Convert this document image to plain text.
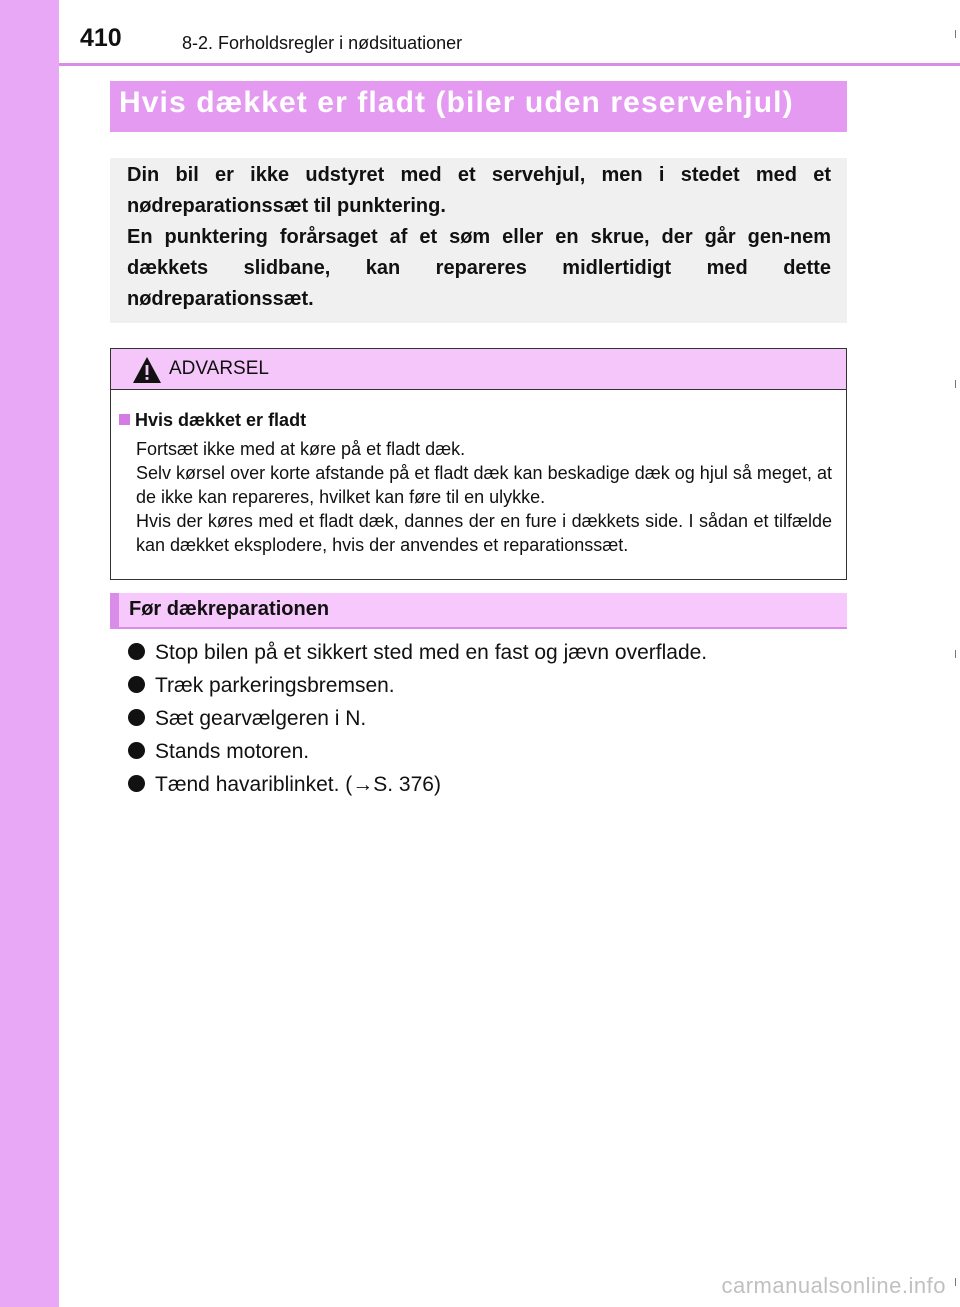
410	8-2. Forholdsregler i nødsituationer
Hvis dækket er fladt (biler uden reservehjul)

Din bil er ikke udstyret med et servehjul, men i stedet med et nødreparationssæt til punktering.

En punktering forårsaget af et søm eller en skrue, der går gen-nem dækkets slidbane, kan repareres midlertidigt med dette nødreparationssæt.

ADVARSEL
Hvis dækket er fladt

Fortsæt ikke med at køre på et fladt dæk.

Selv kørsel over korte afstande på et fladt dæk kan beskadige dæk og hjul så meget, at de ikke kan repareres, hvilket kan føre til en ulykke.

Hvis der køres med et fladt dæk, dannes der en fure i dækkets side. I sådan et tilfælde kan dækket eksplodere, hvis der anvendes et reparationssæt.

Før dækreparationen
Stop bilen på et sikkert sted med en fast og jævn overflade.
Træk parkeringsbremsen.
Sæt gearvælgeren i N.
Stands motoren.
Tænd havariblinket. (→S. 376)
carmanualsonline.info
